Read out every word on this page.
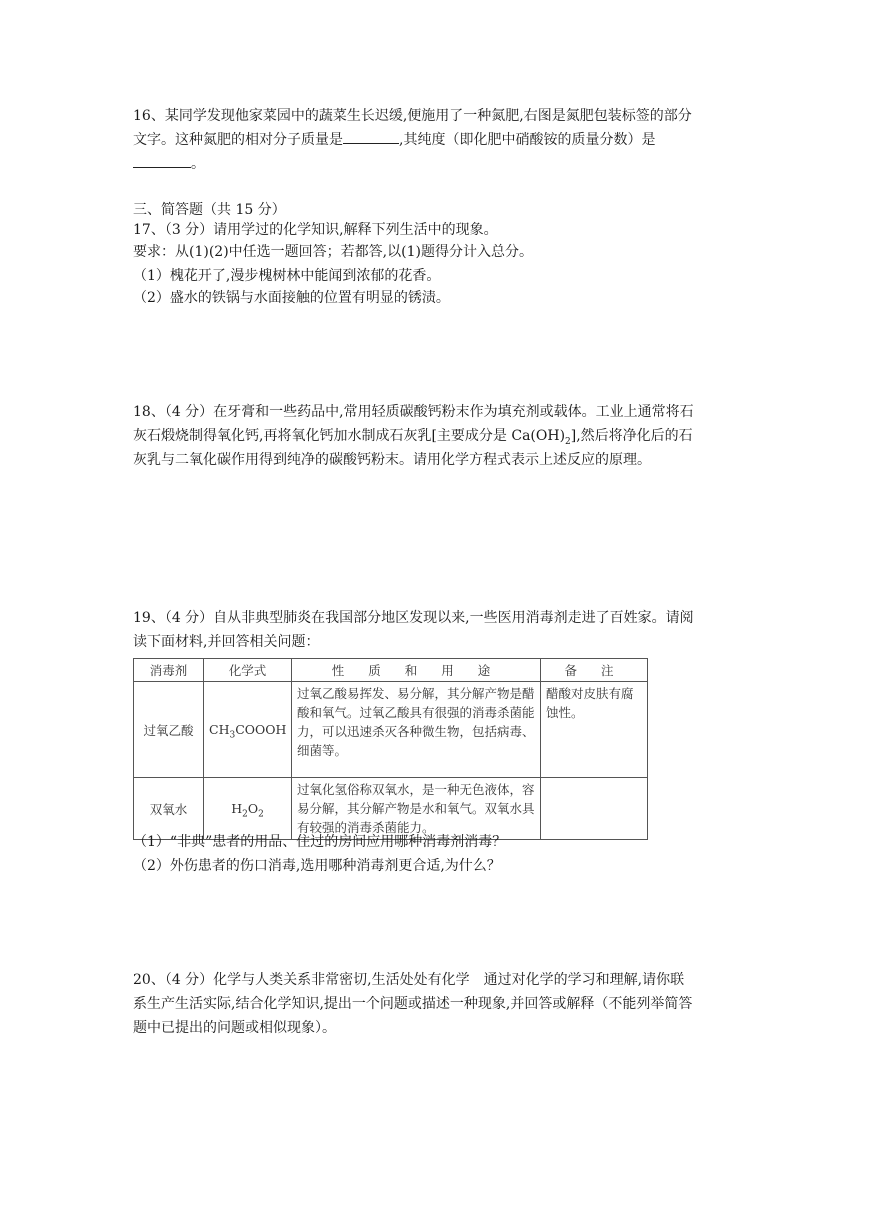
16、某同学发现他家菜园中的蔬菜生长迟缓,便施用了一种氮肥,右图是氮肥包装标签的部分
文字。这种氮肥的相对分子质量是	,其纯度（即化肥中硝酸铵的质量分数）是
。
三、简答题（共 15 分）
17、（3 分）请用学过的化学知识,解释下列生活中的现象。
要求：从(1)(2)中任选一题回答；若都答,以(1)题得分计入总分。
（1）槐花开了,漫步槐树林中能闻到浓郁的花香。
（2）盛水的铁锅与水面接触的位置有明显的锈渍。
18、（4 分）在牙膏和一些药品中,常用轻质碳酸钙粉末作为填充剂或载体。工业上通常将石
灰石煅烧制得氧化钙,再将氧化钙加水制成石灰乳[主要成分是 $Ca(OH)_2$],然后将净化后的石
灰乳与二氧化碳作用得到纯净的碳酸钙粉末。请用化学方程式表示上述反应的原理。
19、（4 分）自从非典型肺炎在我国部分地区发现以来,一些医用消毒剂走进了百姓家。请阅
读下面材料,并回答相关问题：
消毒剂	化学式	性 质 和 用 途	备 注
过氧乙酸	$CH_3COOOH$	过氧乙酸易挥发、易分解，其分解产物是醋酸和氧气。过氧乙酸具有很强的消毒杀菌能力，可以迅速杀灭各种微生物，包括病毒、细菌等。	醋酸对皮肤有腐蚀性。
双氧水	$H_2O_2$	过氧化氢俗称双氧水，是一种无色液体，容易分解，其分解产物是水和氧气。双氧水具有较强的消毒杀菌能力。	
（1）“非典”患者的用品、住过的房间应用哪种消毒剂消毒？
（2）外伤患者的伤口消毒,选用哪种消毒剂更合适,为什么？
20、（4 分）化学与人类关系非常密切,生活处处有化学　通过对化学的学习和理解,请你联
系生产生活实际,结合化学知识,提出一个问题或描述一种现象,并回答或解释（不能列举简答
题中已提出的问题或相似现象）。
